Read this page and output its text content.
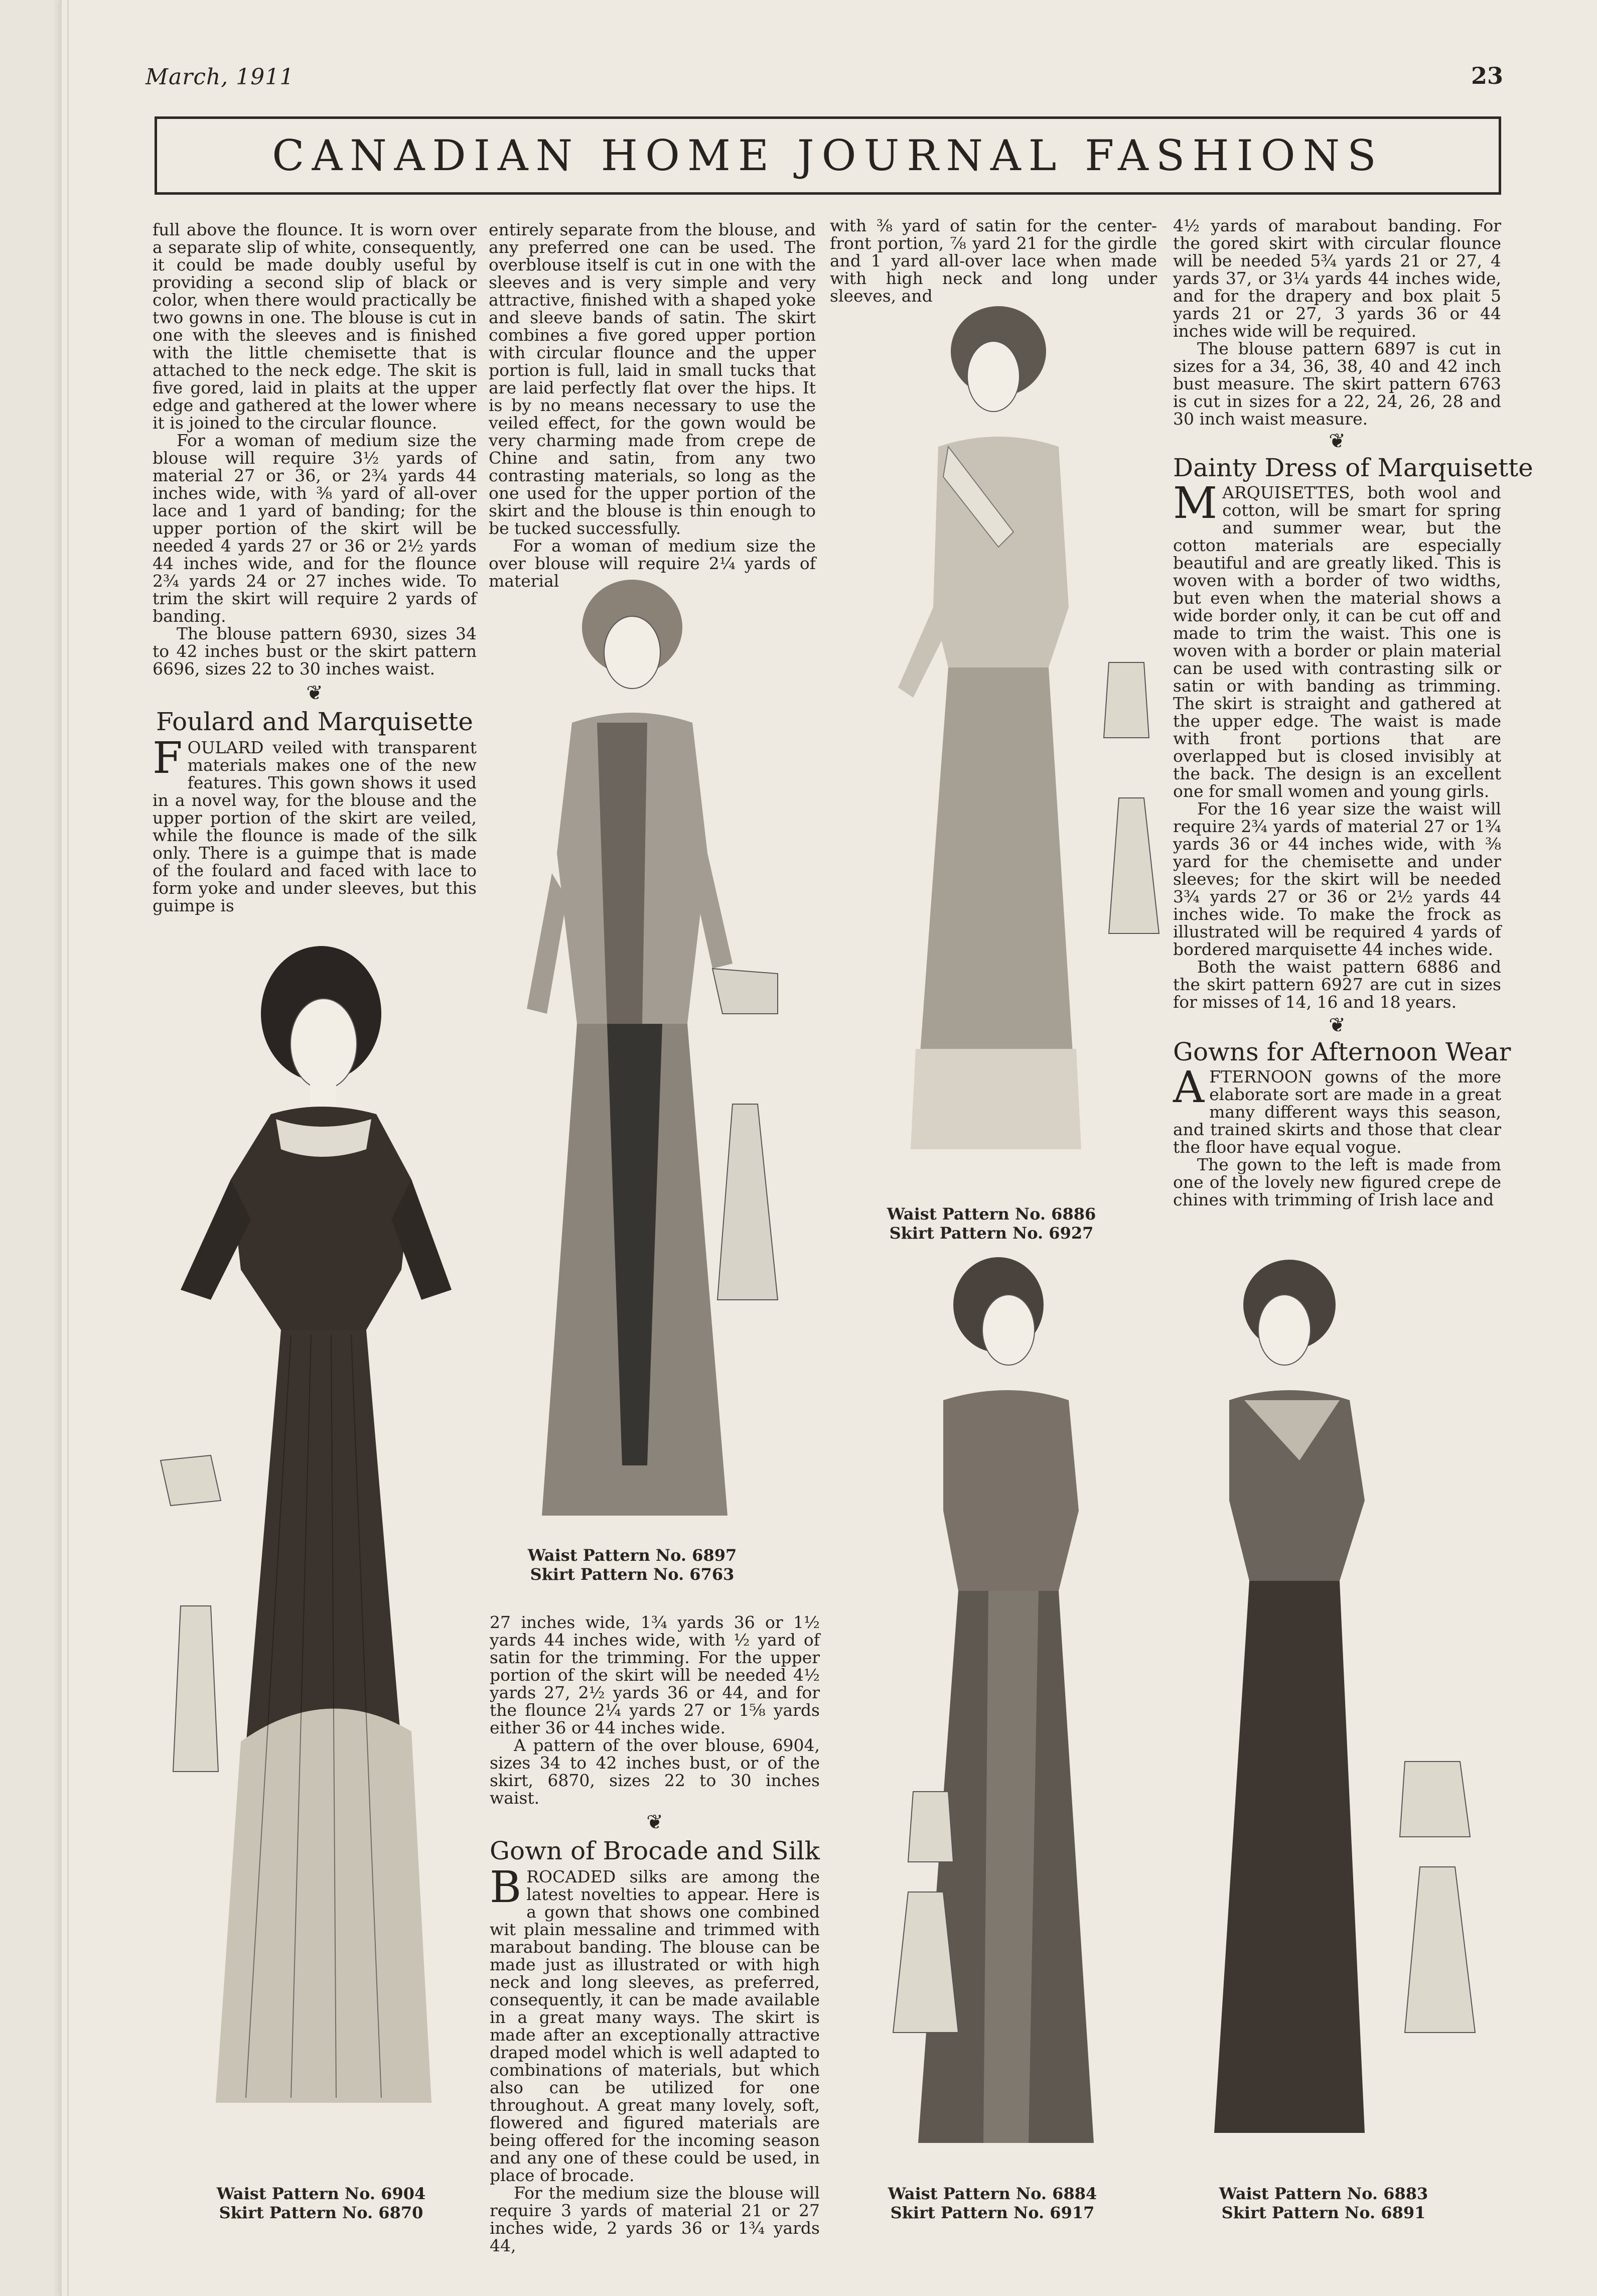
March, 1911	23
CANADIAN HOME JOURNAL FASHIONS

full above the flounce. It is worn over a separate slip of white, consequently, it could be made doubly useful by providing a second slip of black or color, when there would practically be two gowns in one. The blouse is cut in one with the sleeves and is finished with the little chemisette that is attached to the neck edge. The skit is five gored, laid in plaits at the upper edge and gathered at the lower where it is joined to the circular flounce.

For a woman of medium size the blouse will require 3½ yards of material 27 or 36, or 2¾ yards 44 inches wide, with ⅜ yard of all-over lace and 1 yard of banding; for the upper portion of the skirt will be needed 4 yards 27 or 36 or 2½ yards 44 inches wide, and for the flounce 2¾ yards 24 or 27 inches wide. To trim the skirt will require 2 yards of banding.

The blouse pattern 6930, sizes 34 to 42 inches bust or the skirt pattern 6696, sizes 22 to 30 inches waist.

❦
Foulard and Marquisette

F OULARD veiled with transparent materials makes one of the new features. This gown shows it used in a novel way, for the blouse and the upper portion of the skirt are veiled, while the flounce is made of the silk only. There is a guimpe that is made of the foulard and faced with lace to form yoke and under sleeves, but this guimpe is

entirely separate from the blouse, and any preferred one can be used. The overblouse itself is cut in one with the sleeves and is very simple and very attractive, finished with a shaped yoke and sleeve bands of satin. The skirt combines a five gored upper portion with circular flounce and the upper portion is full, laid in small tucks that are laid perfectly flat over the hips. It is by no means necessary to use the veiled effect, for the gown would be very charming made from crepe de Chine and satin, from any two contrasting materials, so long as the one used for the upper portion of the skirt and the blouse is thin enough to be tucked successfully.

For a woman of medium size the over blouse will require 2¼ yards of material

with ⅜ yard of satin for the center-front portion, ⅞ yard 21 for the girdle and 1 yard all-over lace when made with high neck and long under sleeves, and

4½ yards of marabout banding. For the gored skirt with circular flounce will be needed 5¾ yards 21 or 27, 4 yards 37, or 3¼ yards 44 inches wide, and for the drapery and box plait 5 yards 21 or 27, 3 yards 36 or 44 inches wide will be required.

The blouse pattern 6897 is cut in sizes for a 34, 36, 38, 40 and 42 inch bust measure. The skirt pattern 6763 is cut in sizes for a 22, 24, 26, 28 and 30 inch waist measure.

❦
Dainty Dress of Marquisette

M ARQUISETTES, both wool and cotton, will be smart for spring and summer wear, but the cotton materials are especially beautiful and are greatly liked. This is woven with a border of two widths, but even when the material shows a wide border only, it can be cut off and made to trim the waist. This one is woven with a border or plain material can be used with contrasting silk or satin or with banding as trimming. The skirt is straight and gathered at the upper edge. The waist is made with front portions that are overlapped but is closed invisibly at the back. The design is an excellent one for small women and young girls.

For the 16 year size the waist will require 2¾ yards of material 27 or 1¾ yards 36 or 44 inches wide, with ⅜ yard for the chemisette and under sleeves; for the skirt will be needed 3¾ yards 27 or 36 or 2½ yards 44 inches wide. To make the frock as illustrated will be required 4 yards of bordered marquisette 44 inches wide.

Both the waist pattern 6886 and the skirt pattern 6927 are cut in sizes for misses of 14, 16 and 18 years.

❦
Gowns for Afternoon Wear

A FTERNOON gowns of the more elaborate sort are made in a great many different ways this season, and trained skirts and those that clear the floor have equal vogue.

The gown to the left is made from one of the lovely new figured crepe de chines with trimming of Irish lace and

27 inches wide, 1¾ yards 36 or 1½ yards 44 inches wide, with ½ yard of satin for the trimming. For the upper portion of the skirt will be needed 4½ yards 27, 2½ yards 36 or 44, and for the flounce 2¼ yards 27 or 1⅝ yards either 36 or 44 inches wide.

A pattern of the over blouse, 6904, sizes 34 to 42 inches bust, or of the skirt, 6870, sizes 22 to 30 inches waist.

❦
Gown of Brocade and Silk

B ROCADED silks are among the latest novelties to appear. Here is a gown that shows one combined wit plain messaline and trimmed with marabout banding. The blouse can be made just as illustrated or with high neck and long sleeves, as preferred, consequently, it can be made available in a great many ways. The skirt is made after an exceptionally attractive draped model which is well adapted to combinations of materials, but which also can be utilized for one throughout. A great many lovely, soft, flowered and figured materials are being offered for the incoming season and any one of these could be used, in place of brocade.

For the medium size the blouse will require 3 yards of material 21 or 27 inches wide, 2 yards 36 or 1¾ yards 44,

Waist Pattern No. 6897
Skirt Pattern No. 6763
Waist Pattern No. 6886
Skirt Pattern No. 6927
Waist Pattern No. 6904
Skirt Pattern No. 6870
Waist Pattern No. 6884
Skirt Pattern No. 6917
Waist Pattern No. 6883
Skirt Pattern No. 6891
